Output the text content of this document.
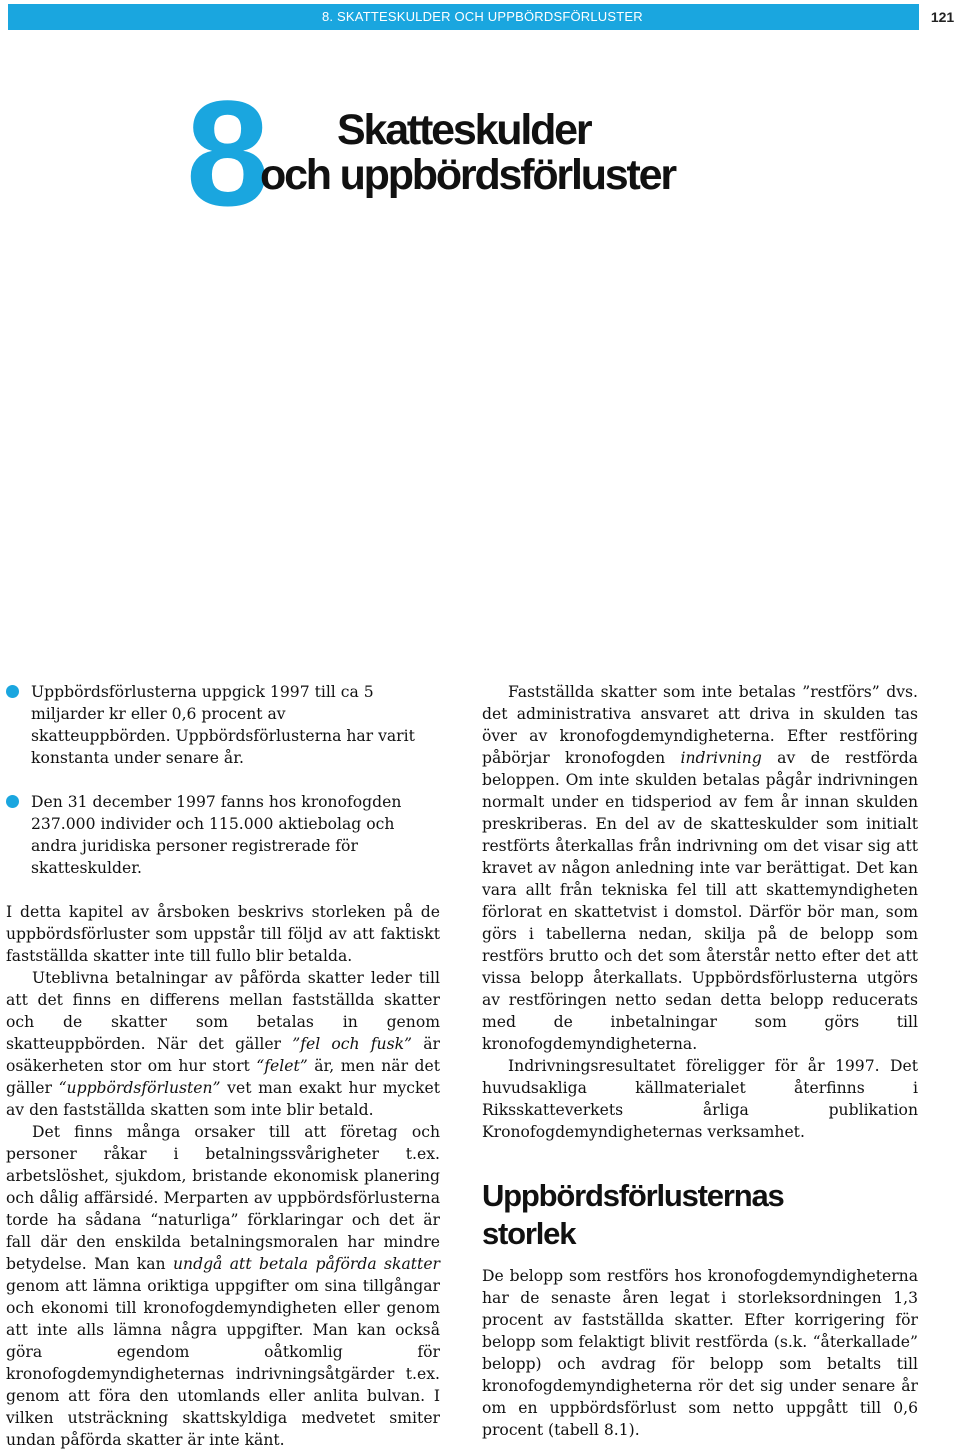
8. SKATTESKULDER OCH UPPBÖRDSFÖRLUSTER	121
8 Skatteskulder
och uppbördsförluster
Uppbördsförlusterna uppgick 1997 till ca 5 miljarder kr eller 0,6 procent av skatteuppbörden. Uppbördsförlusterna har varit konstanta under senare år.
Den 31 december 1997 fanns hos kronofogden 237.000 individer och 115.000 aktiebolag och andra juridiska personer registrerade för skatteskulder.

I detta kapitel av årsboken beskrivs storleken på de uppbördsförluster som uppstår till följd av att faktiskt fastställda skatter inte till fullo blir betalda.

Uteblivna betalningar av påförda skatter leder till att det finns en differens mellan fastställda skatter och de skatter som betalas in genom skatteuppbörden. När det gäller ”fel och fusk” är osäkerheten stor om hur stort “felet” är, men när det gäller “uppbördsförlusten” vet man exakt hur mycket av den fastställda skatten som inte blir betald.

Det finns många orsaker till att företag och personer råkar i betalningssvårigheter t.ex. arbetslöshet, sjukdom, bristande ekonomisk planering och dålig affärsidé. Merparten av uppbördsförlusterna torde ha sådana “naturliga” förklaringar och det är fall där den enskilda betalningsmoralen har mindre betydelse. Man kan undgå att betala påförda skatter genom att lämna oriktiga uppgifter om sina tillgångar och ekonomi till kronofogdemyndigheten eller genom att inte alls lämna några uppgifter. Man kan också göra egendom oåtkomlig för kronofogdemyndigheternas indrivningsåtgärder t.ex. genom att föra den utomlands eller anlita bulvan. I vilken utsträckning skattskyldiga medvetet smiter undan påförda skatter är inte känt.

Fastställda skatter som inte betalas ”restförs” dvs. det administrativa ansvaret att driva in skulden tas över av kronofogdemyndigheterna. Efter restföring påbörjar kronofogden indrivning av de restförda beloppen. Om inte skulden betalas pågår indrivningen normalt under en tidsperiod av fem år innan skulden preskriberas. En del av de skatteskulder som initialt restförts återkallas från indrivning om det visar sig att kravet av någon anledning inte var berättigat. Det kan vara allt från tekniska fel till att skattemyndigheten förlorat en skattetvist i domstol. Därför bör man, som görs i tabellerna nedan, skilja på de belopp som restförs brutto och det som återstår netto efter det att vissa belopp återkallats. Uppbördsförlusterna utgörs av restföringen netto sedan detta belopp reducerats med de inbetalningar som görs till kronofogdemyndigheterna.

Indrivningsresultatet föreligger för år 1997. Det huvudsakliga källmaterialet återfinns i Riksskatteverkets årliga publikation Kronofogdemyndigheternas verksamhet.

Uppbördsförlusternas
storlek

De belopp som restförs hos kronofogdemyndigheterna har de senaste åren legat i storleksordningen 1,3 procent av fastställda skatter. Efter korrigering för belopp som felaktigt blivit restförda (s.k. “återkallade” belopp) och avdrag för belopp som betalts till kronofogdemyndigheterna rör det sig under senare år om en uppbördsförlust som netto uppgått till 0,6 procent (tabell 8.1).
